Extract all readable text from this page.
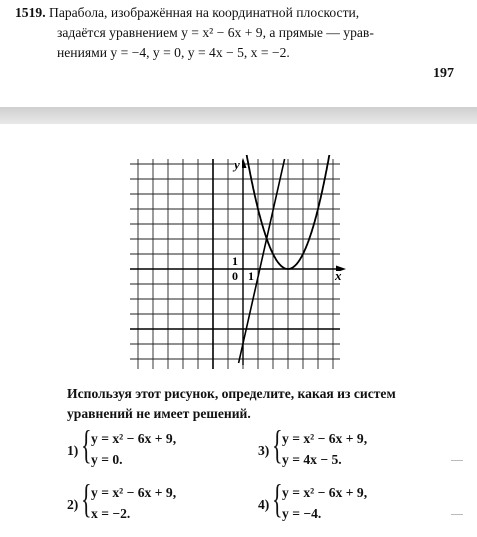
1519. Парабола, изображённая на координатной плоскости,
задаётся уравнением y = x² − 6x + 9, а прямые — урав-
нениями y = −4, y = 0, y = 4x − 5, x = −2.
197
1
0 1
y
x
Используя этот рисунок, определите, какая из систем
уравнений не имеет решений.
1) { y = x² − 6x + 9,
y = 0.
2) { y = x² − 6x + 9,
x = −2.
3) { y = x² − 6x + 9,
y = 4x − 5.
4) { y = x² − 6x + 9,
y = −4.
